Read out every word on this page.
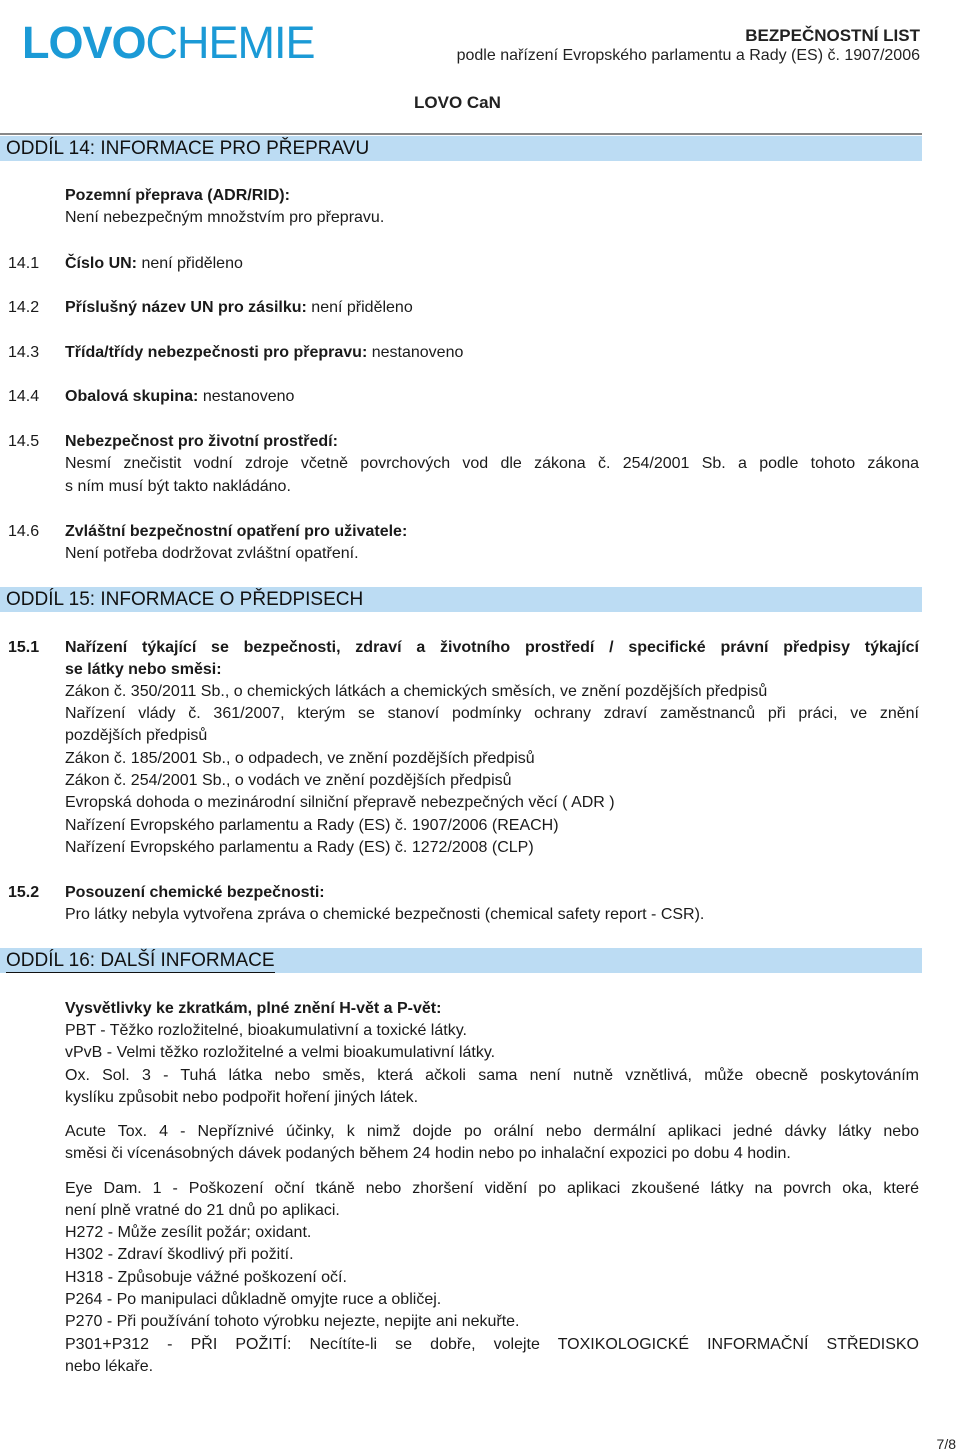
LOVOCHEMIE	BEZPEČNOSTNÍ LIST
podle nařízení Evropského parlamentu a Rady (ES) č. 1907/2006
LOVO CaN
ODDÍL 14: INFORMACE PRO PŘEPRAVU
Pozemní přeprava (ADR/RID):
Není nebezpečným množstvím pro přepravu.
14.1 Číslo UN: není přiděleno
14.2 Příslušný název UN pro zásilku: není přiděleno
14.3 Třída/třídy nebezpečnosti pro přepravu: nestanoveno
14.4 Obalová skupina: nestanoveno
14.5 Nebezpečnost pro životní prostředí:
Nesmí znečistit vodní zdroje včetně povrchových vod dle zákona č. 254/2001 Sb. a podle tohoto zákona
s ním musí být takto nakládáno.
14.6 Zvláštní bezpečnostní opatření pro uživatele:
Není potřeba dodržovat zvláštní opatření.
ODDÍL 15: INFORMACE O PŘEDPISECH
15.1 Nařízení týkající se bezpečnosti, zdraví a životního prostředí / specifické právní předpisy týkající
se látky nebo směsi:
Zákon č. 350/2011 Sb., o chemických látkách a chemických směsích, ve znění pozdějších předpisů
Nařízení vlády č. 361/2007, kterým se stanoví podmínky ochrany zdraví zaměstnanců při práci, ve znění
pozdějších předpisů
Zákon č. 185/2001 Sb., o odpadech, ve znění pozdějších předpisů
Zákon č. 254/2001 Sb., o vodách ve znění pozdějších předpisů
Evropská dohoda o mezinárodní silniční přepravě nebezpečných věcí ( ADR )
Nařízení Evropského parlamentu a Rady (ES) č. 1907/2006 (REACH)
Nařízení Evropského parlamentu a Rady (ES) č. 1272/2008 (CLP)
15.2 Posouzení chemické bezpečnosti:
Pro látky nebyla vytvořena zpráva o chemické bezpečnosti (chemical safety report - CSR).
ODDÍL 16: DALŠÍ INFORMACE
Vysvětlivky ke zkratkám, plné znění H-vět a P-vět:
PBT - Těžko rozložitelné, bioakumulativní a toxické látky.
vPvB - Velmi těžko rozložitelné a velmi bioakumulativní látky.
Ox. Sol. 3 - Tuhá látka nebo směs, která ačkoli sama není nutně vznětlivá, může obecně poskytováním
kyslíku způsobit nebo podpořit hoření jiných látek.
Acute Tox. 4 - Nepříznivé účinky, k nimž dojde po orální nebo dermální aplikaci jedné dávky látky nebo
směsi či vícenásobných dávek podaných během 24 hodin nebo po inhalační expozici po dobu 4 hodin.
Eye Dam. 1 - Poškození oční tkáně nebo zhoršení vidění po aplikaci zkoušené látky na povrch oka, které
není plně vratné do 21 dnů po aplikaci.
H272 - Může zesílit požár; oxidant.
H302 - Zdraví škodlivý při požití.
H318 - Způsobuje vážné poškození očí.
P264 - Po manipulaci důkladně omyjte ruce a obličej.
P270 - Při používání tohoto výrobku nejezte, nepijte ani nekuřte.
P301+P312 - PŘI POŽITÍ: Necítíte-li se dobře, volejte TOXIKOLOGICKÉ INFORMAČNÍ STŘEDISKO
nebo lékaře.
7/8
